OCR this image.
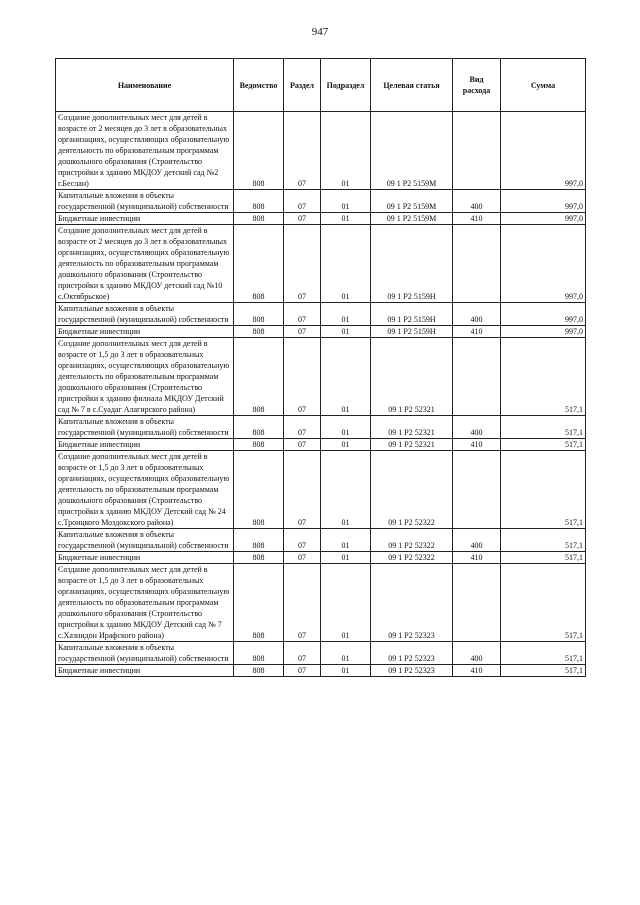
947
Наименование	Ведомство	Раздел	Подраздел	Целевая статья	Вид расхода	Сумма
Создание дополнительных мест для детей в возрасте от 2 месяцев до 3 лет в образовательных организациях, осуществляющих образовательную деятельность по образовательным программам дошкольного образования (Строительство пристройки к зданию МКДОУ детский сад №2 г.Беслан)	808	07	01	09 1 P2 5159M		997,0
Капитальные вложения в объекты государственной (муниципальной) собственности	808	07	01	09 1 P2 5159M	400	997,0
Бюджетные инвестиции	808	07	01	09 1 P2 5159M	410	997,0
Создание дополнительных мест для детей в возрасте от 2 месяцев до 3 лет в образовательных организациях, осуществляющих образовательную деятельность по образовательным программам дошкольного образования (Строительство пристройки к зданию МКДОУ детский сад №10 с.Октябрьское)	808	07	01	09 1 P2 5159H		997,0
Капитальные вложения в объекты государственной (муниципальной) собственности	808	07	01	09 1 P2 5159H	400	997,0
Бюджетные инвестиции	808	07	01	09 1 P2 5159H	410	997,0
Создание дополнительных мест для детей в возрасте от 1,5 до 3 лет в образовательных организациях, осуществляющих образовательную деятельность по образовательным программам дошкольного образования (Строительство пристройки к зданию филиала МКДОУ Детский сад № 7 в с.Суадаг Алагирского района)	808	07	01	09 1 P2 52321		517,1
Капитальные вложения в объекты государственной (муниципальной) собственности	808	07	01	09 1 P2 52321	400	517,1
Бюджетные инвестиции	808	07	01	09 1 P2 52321	410	517,1
Создание дополнительных мест для детей в возрасте от 1,5 до 3 лет в образовательных организациях, осуществляющих образовательную деятельность по образовательным программам дошкольного образования (Строительство пристройки к зданию МКДОУ Детский сад № 24 с.Троицкого Моздокского района)	808	07	01	09 1 P2 52322		517,1
Капитальные вложения в объекты государственной (муниципальной) собственности	808	07	01	09 1 P2 52322	400	517,1
Бюджетные инвестиции	808	07	01	09 1 P2 52322	410	517,1
Создание дополнительных мест для детей в возрасте от 1,5 до 3 лет в образовательных организациях, осуществляющих образовательную деятельность по образовательным программам дошкольного образования (Строительство пристройки к зданию МКДОУ Детский сад № 7 с.Хазнидон Ирафского района)	808	07	01	09 1 P2 52323		517,1
Капитальные вложения в объекты государственной (муниципальной) собственности	808	07	01	09 1 P2 52323	400	517,1
Бюджетные инвестиции	808	07	01	09 1 P2 52323	410	517,1
